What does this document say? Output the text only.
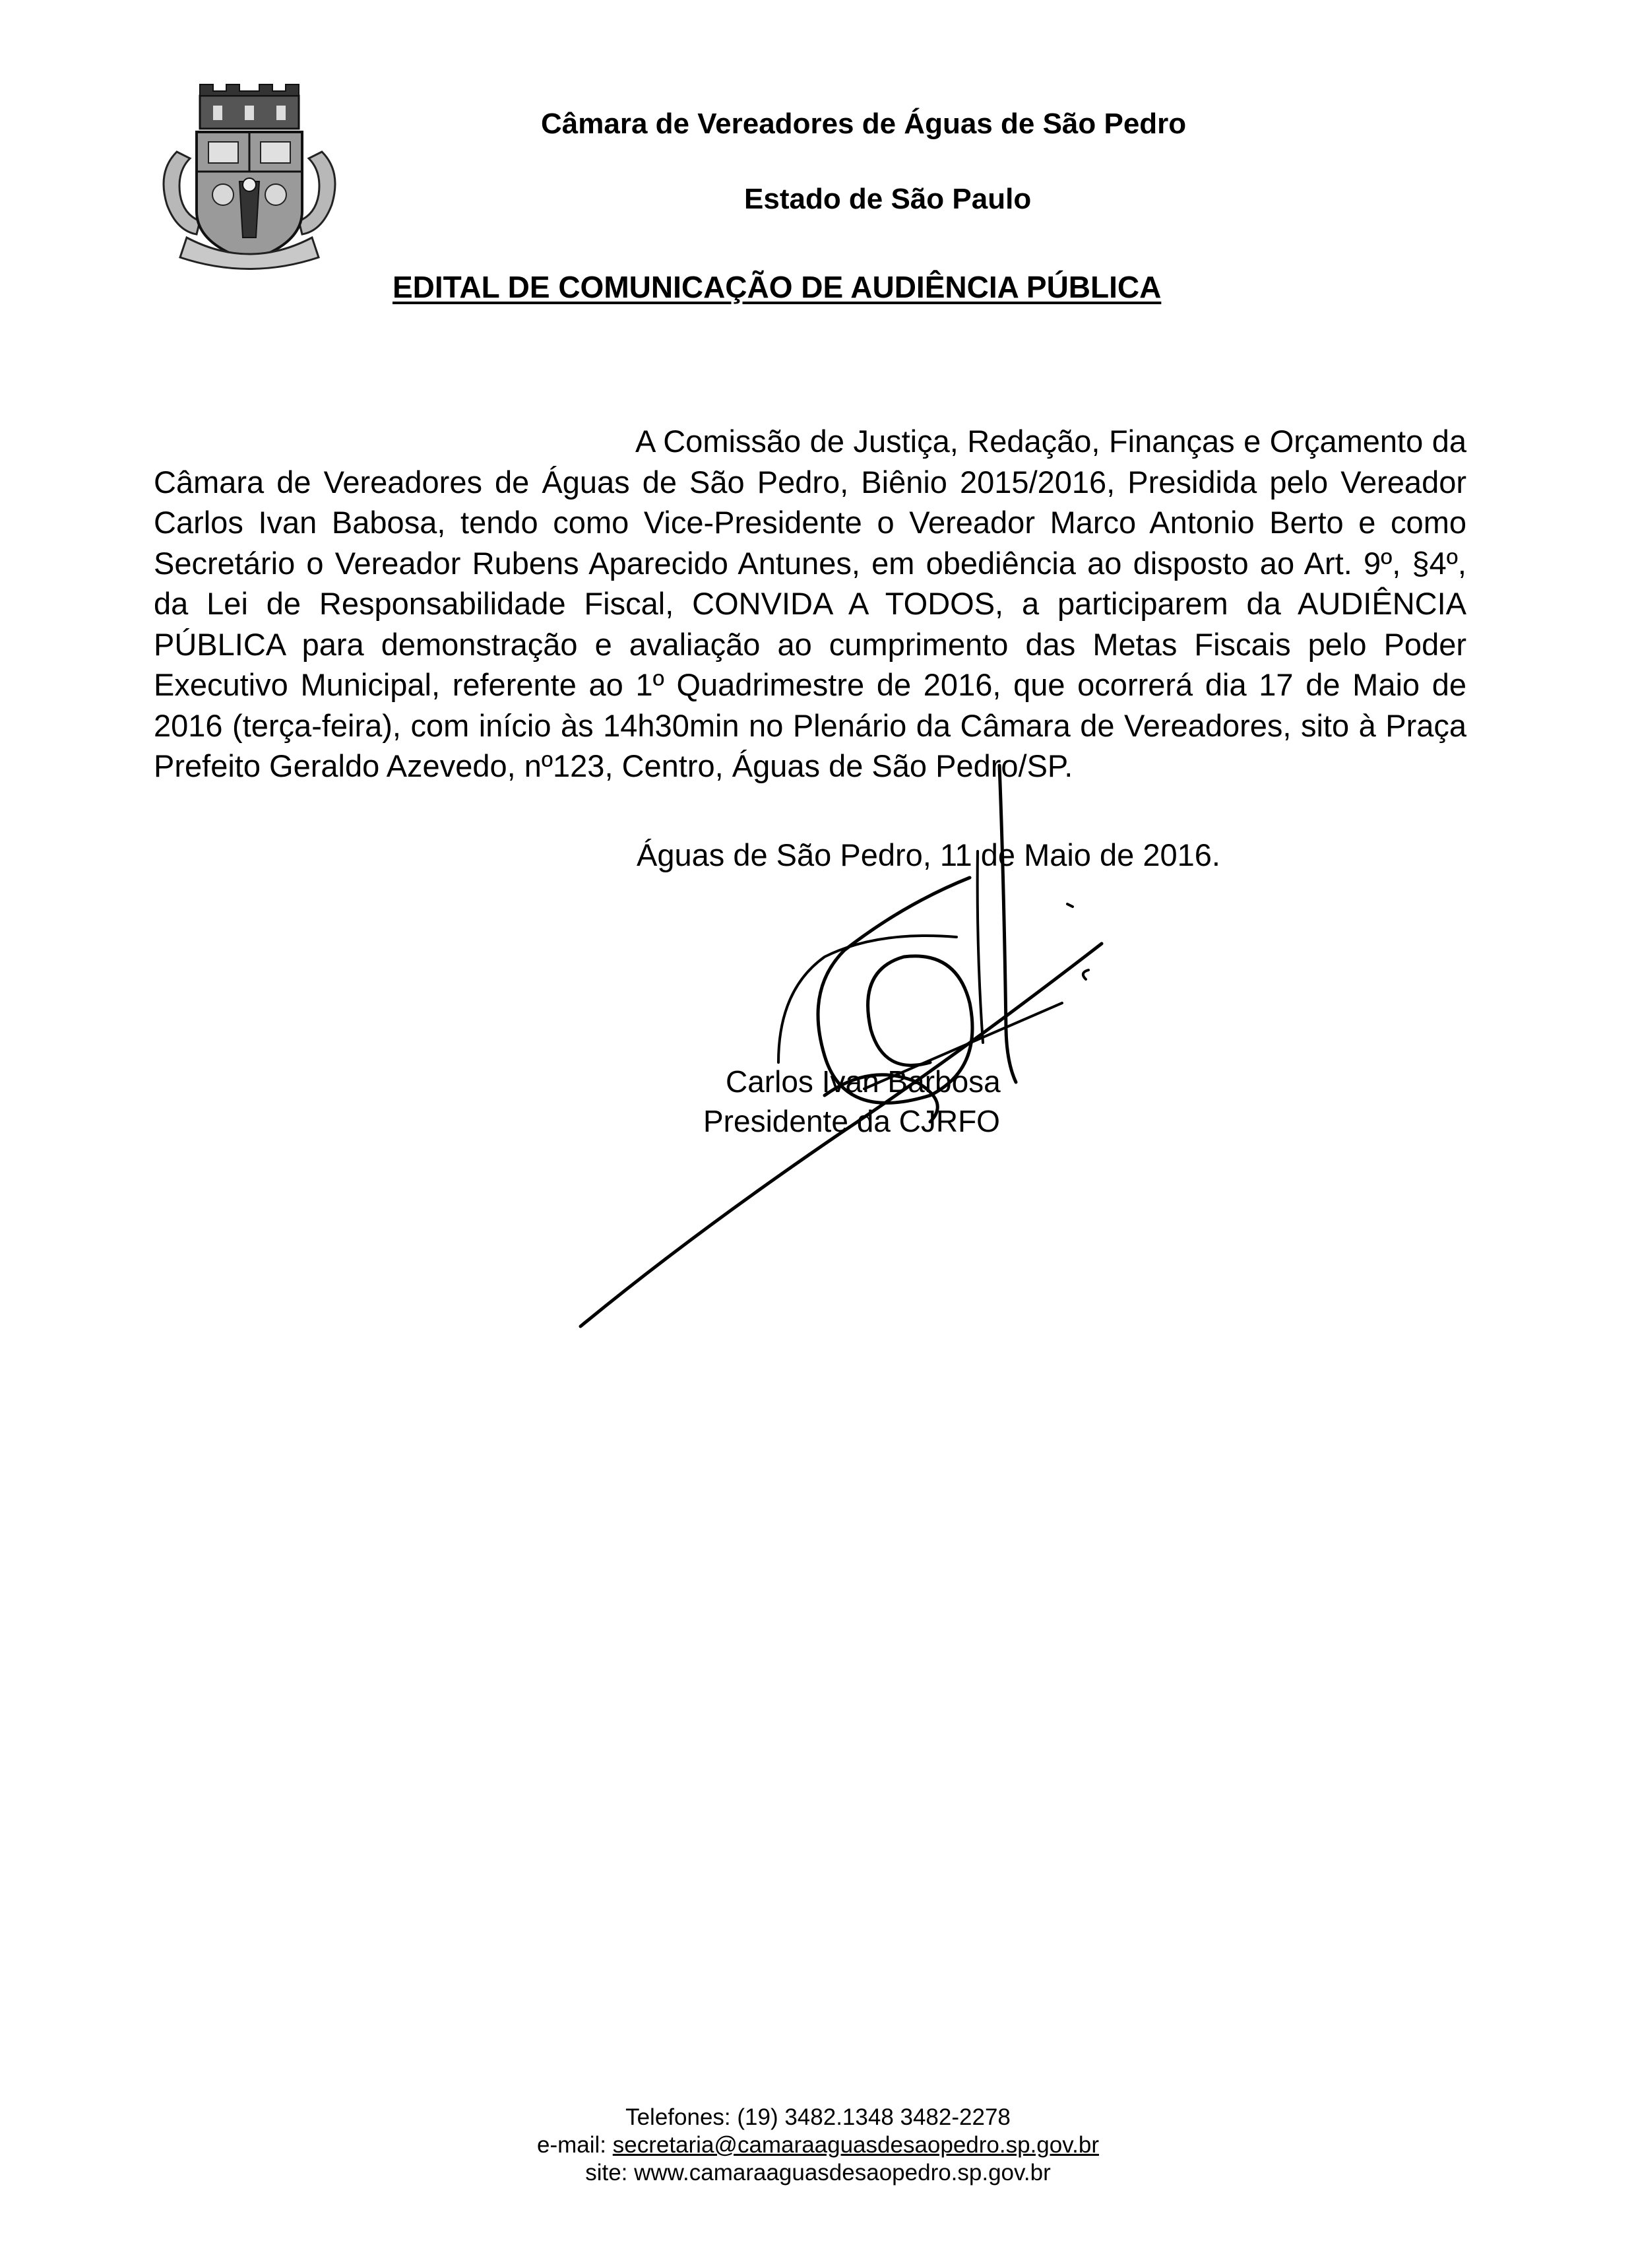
Câmara de Vereadores de Águas de São Pedro
Estado de São Paulo
EDITAL DE COMUNICAÇÃO DE AUDIÊNCIA PÚBLICA

A Comissão de Justiça, Redação, Finanças e Orçamento da Câmara de Vereadores de Águas de São Pedro, Biênio 2015/2016, Presidida pelo Vereador Carlos Ivan Babosa, tendo como Vice-Presidente o Vereador Marco Antonio Berto e como Secretário o Vereador Rubens Aparecido Antunes, em obediência ao disposto ao Art. 9º, §4º, da Lei de Responsabilidade Fiscal, CONVIDA A TODOS, a participarem da AUDIÊNCIA PÚBLICA para demonstração e avaliação ao cumprimento das Metas Fiscais pelo Poder Executivo Municipal, referente ao 1º Quadrimestre de 2016, que ocorrerá dia 17 de Maio de 2016 (terça-feira), com início às 14h30min no Plenário da Câmara de Vereadores, sito à Praça Prefeito Geraldo Azevedo, nº123, Centro, Águas de São Pedro/SP.

Águas de São Pedro, 11 de Maio de 2016.
Carlos Ivan Barbosa
Presidente da CJRFO
Telefones: (19) 3482.1348 3482-2278
e-mail: secretaria@camaraaguasdesaopedro.sp.gov.br
site: www.camaraaguasdesaopedro.sp.gov.br
